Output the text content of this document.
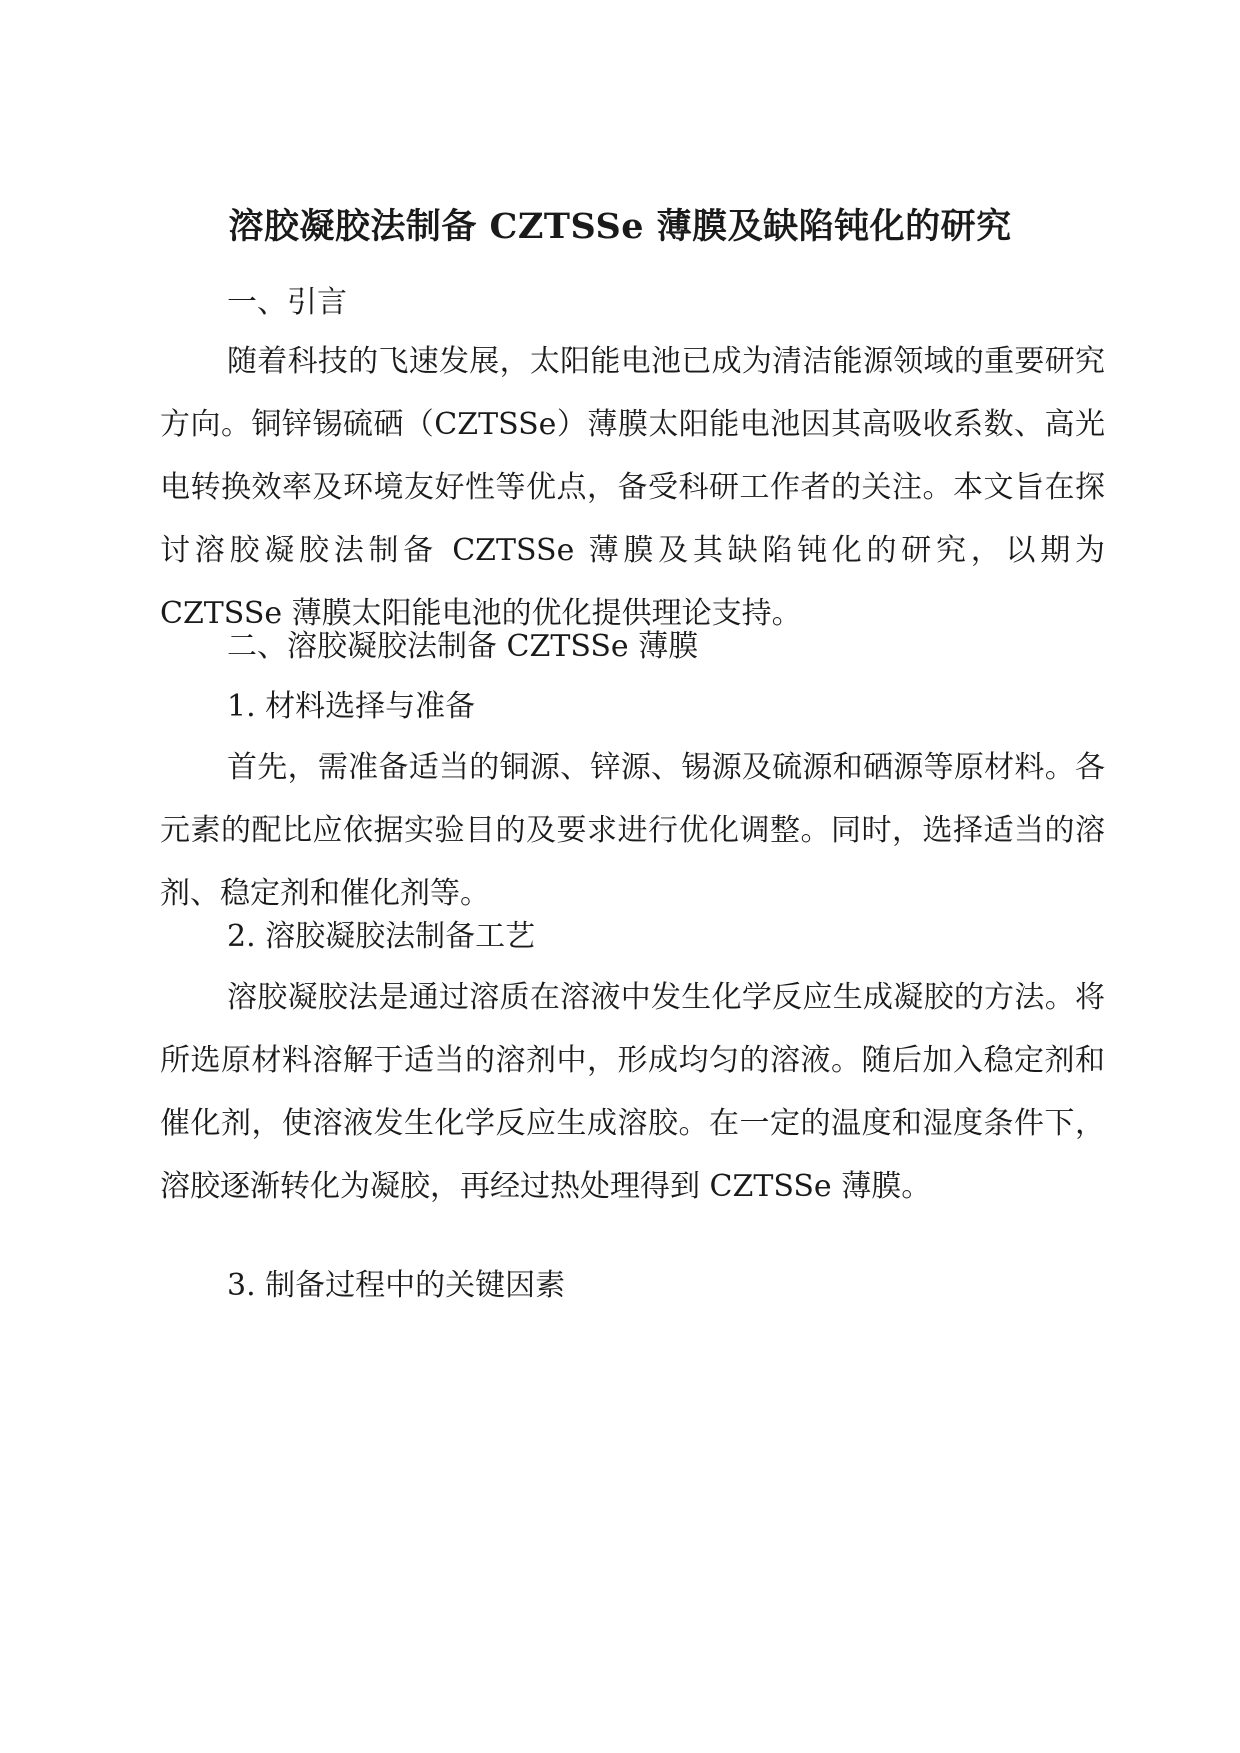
溶胶凝胶法制备 CZTSSe 薄膜及缺陷钝化的研究
一、引言
随着科技的飞速发展，太阳能电池已成为清洁能源领域的重要研究方向。铜锌锡硫硒（CZTSSe）薄膜太阳能电池因其高吸收系数、高光电转换效率及环境友好性等优点，备受科研工作者的关注。本文旨在探讨溶胶凝胶法制备 CZTSSe 薄膜及其缺陷钝化的研究，以期为 CZTSSe 薄膜太阳能电池的优化提供理论支持。
二、溶胶凝胶法制备 CZTSSe 薄膜
1. 材料选择与准备
首先，需准备适当的铜源、锌源、锡源及硫源和硒源等原材料。各元素的配比应依据实验目的及要求进行优化调整。同时，选择适当的溶剂、稳定剂和催化剂等。
2. 溶胶凝胶法制备工艺
溶胶凝胶法是通过溶质在溶液中发生化学反应生成凝胶的方法。将所选原材料溶解于适当的溶剂中，形成均匀的溶液。随后加入稳定剂和催化剂，使溶液发生化学反应生成溶胶。在一定的温度和湿度条件下，溶胶逐渐转化为凝胶，再经过热处理得到 CZTSSe 薄膜。
3. 制备过程中的关键因素
